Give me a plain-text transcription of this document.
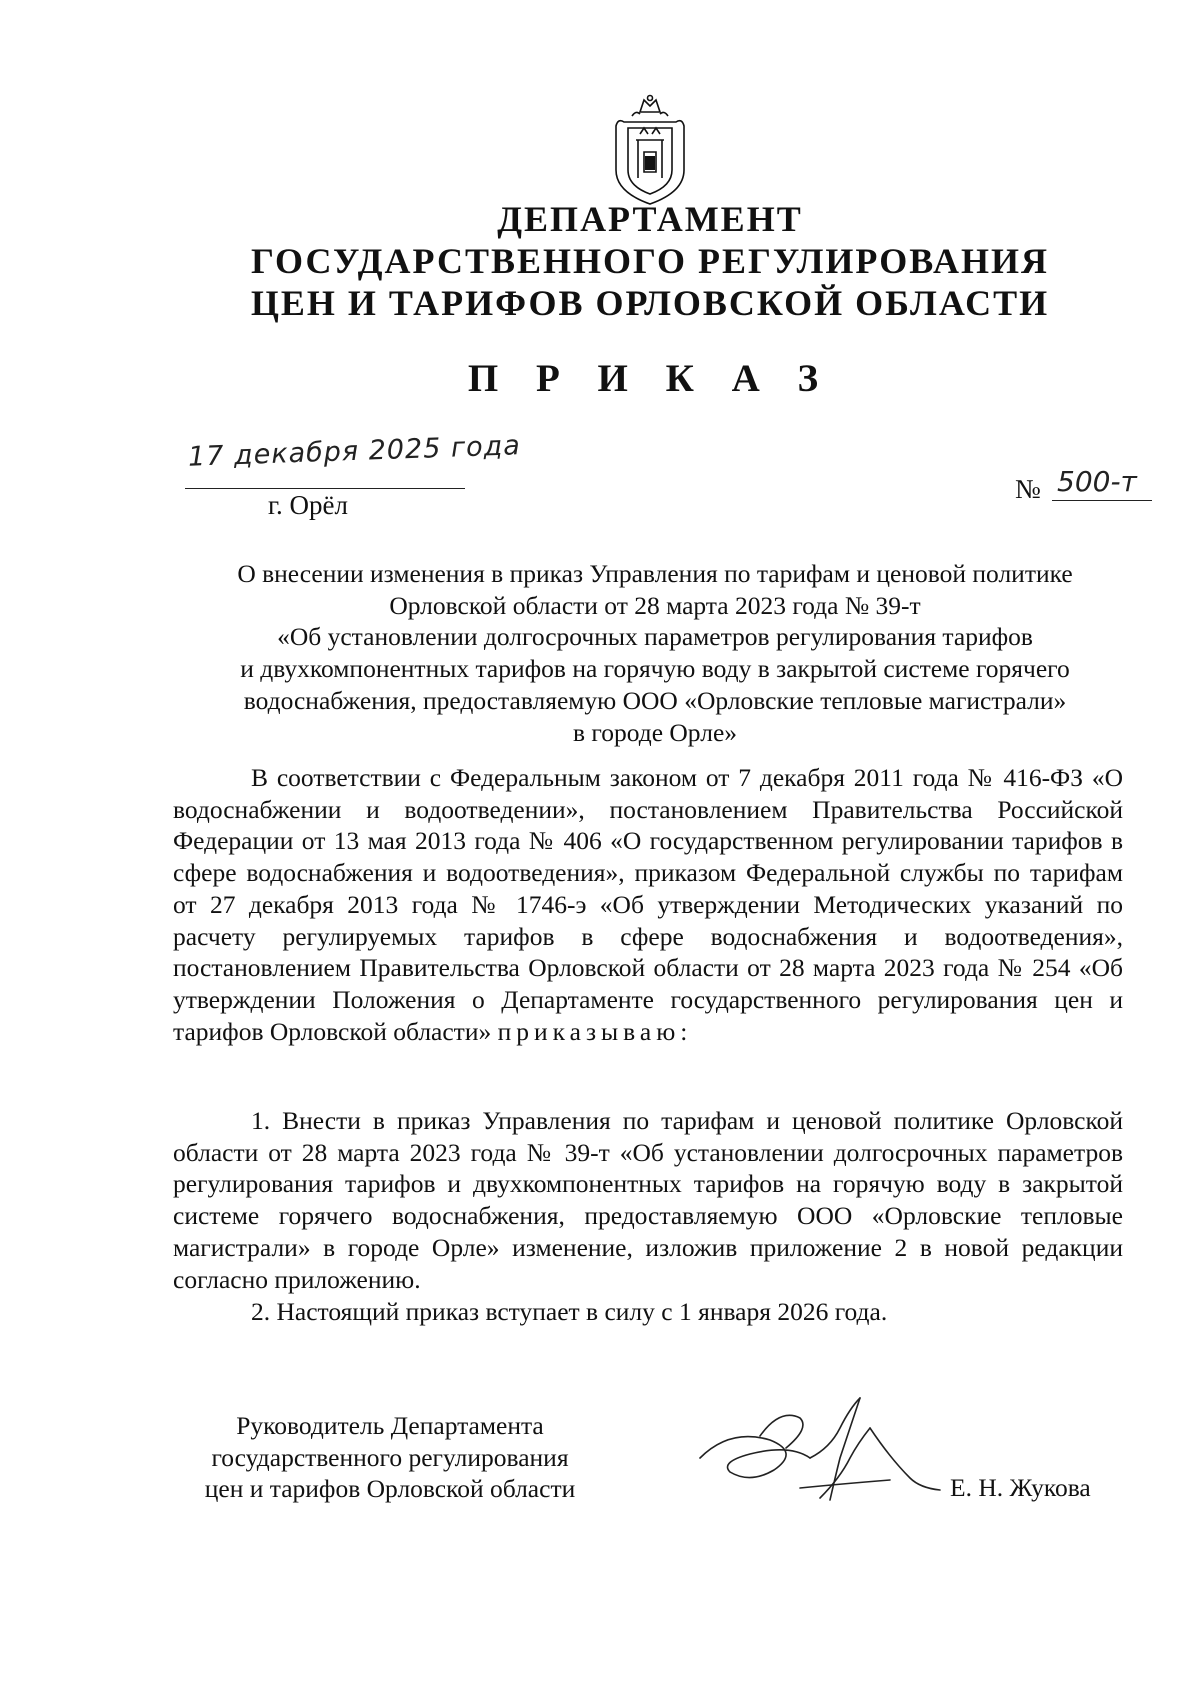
ДЕПАРТАМЕНТ
ГОСУДАРСТВЕННОГО РЕГУЛИРОВАНИЯ
ЦЕН И ТАРИФОВ ОРЛОВСКОЙ ОБЛАСТИ
П Р И К А З
17 декабря 2025 года
г. Орёл
№ 500-т
О внесении изменения в приказ Управления по тарифам и ценовой политике
Орловской области от 28 марта 2023 года № 39-т
«Об установлении долгосрочных параметров регулирования тарифов
и двухкомпонентных тарифов на горячую воду в закрытой системе горячего
водоснабжения, предоставляемую ООО «Орловские тепловые магистрали»
в городе Орле»
В соответствии с Федеральным законом от 7 декабря 2011 года № 416-ФЗ «О водоснабжении и водоотведении», постановлением Правительства Российской Федерации от 13 мая 2013 года № 406 «О государственном регулировании тарифов в сфере водоснабжения и водоотведения», приказом Федеральной службы по тарифам от 27 декабря 2013 года № 1746-э «Об утверждении Методических указаний по расчету регулируемых тарифов в сфере водоснабжения и водоотведения», постановлением Правительства Орловской области от 28 марта 2023 года № 254 «Об утверждении Положения о Департаменте государственного регулирования цен и тарифов Орловской области» приказываю:
1. Внести в приказ Управления по тарифам и ценовой политике Орловской области от 28 марта 2023 года № 39-т «Об установлении долгосрочных параметров регулирования тарифов и двухкомпонентных тарифов на горячую воду в закрытой системе горячего водоснабжения, предоставляемую ООО «Орловские тепловые магистрали» в городе Орле» изменение, изложив приложение 2 в новой редакции согласно приложению.
2. Настоящий приказ вступает в силу с 1 января 2026 года.
Руководитель Департамента
государственного регулирования
цен и тарифов Орловской области	Е. Н. Жукова
